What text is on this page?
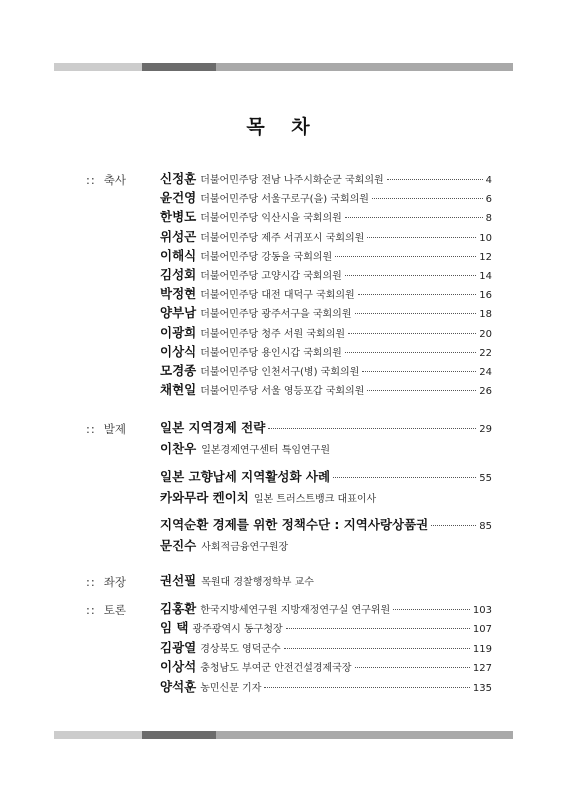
목 차
:: 축사	신정훈 더불어민주당 전남 나주시화순군 국회의원	4
윤건영 더불어민주당 서울구로구(을) 국회의원	6
한병도 더불어민주당 익산시을 국회의원	8
위성곤 더불어민주당 제주 서귀포시 국회의원	10
이해식 더불어민주당 강동을 국회의원	12
김성회 더불어민주당 고양시갑 국회의원	14
박정현 더불어민주당 대전 대덕구 국회의원	16
양부남 더불어민주당 광주서구을 국회의원	18
이광희 더불어민주당 청주 서원 국회의원	20
이상식 더불어민주당 용인시갑 국회의원	22
모경종 더불어민주당 인천서구(병) 국회의원	24
채현일 더불어민주당 서울 영등포갑 국회의원	26
:: 발제	일본 지역경제 전략	29
이찬우 일본경제연구센터 특임연구원
일본 고향납세 지역활성화 사례	55
카와무라 켄이치 일본 트러스트뱅크 대표이사
지역순환 경제를 위한 정책수단 : 지역사랑상품권	85
문진수 사회적금융연구원장
:: 좌장	권선필 목원대 경찰행정학부 교수
:: 토론	김홍환 한국지방세연구원 지방재정연구실 연구위원	103
임 택 광주광역시 동구청장	107
김광열 경상북도 영덕군수	119
이상석 충청남도 부여군 안전건설경제국장	127
양석훈 농민신문 기자	135
